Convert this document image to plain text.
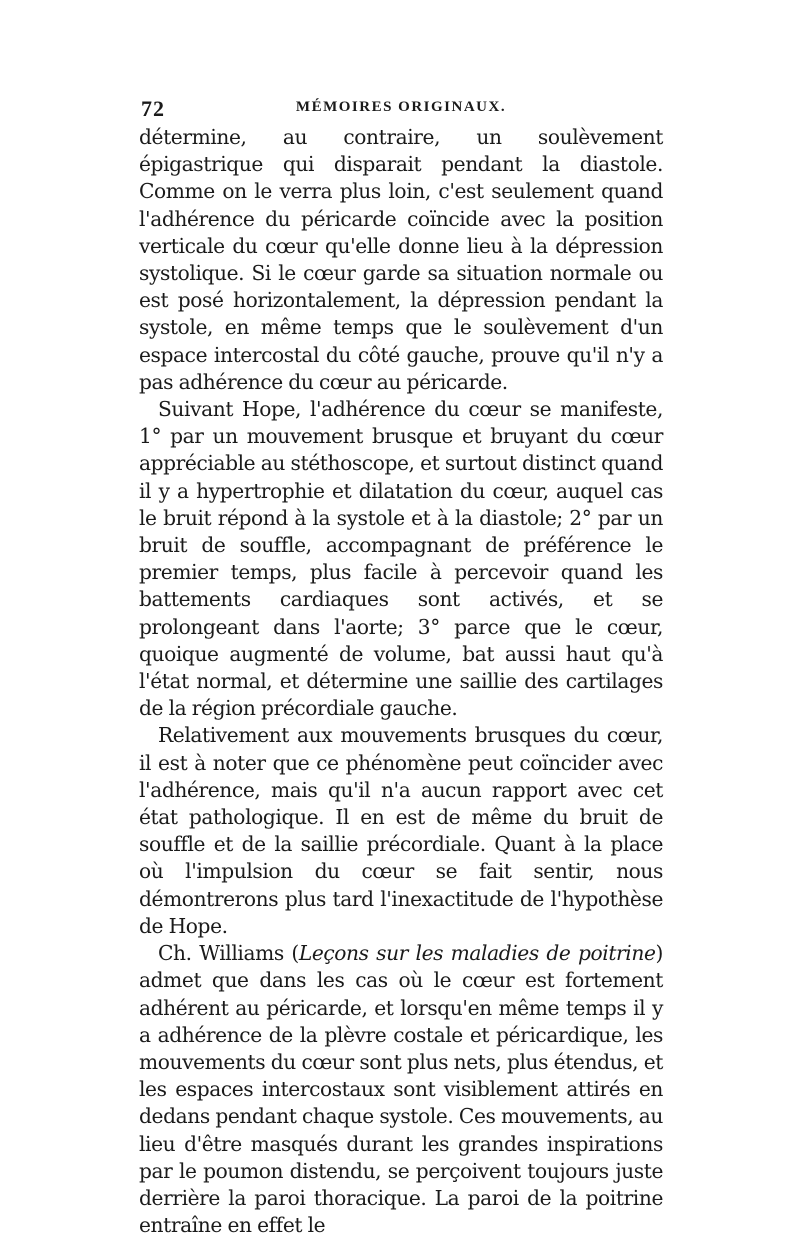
72	MÉMOIRES ORIGINAUX.

détermine, au contraire, un soulèvement épigastrique qui disparait pendant la diastole. Comme on le verra plus loin, c'est seulement quand l'adhérence du péricarde coïncide avec la position verticale du cœur qu'elle donne lieu à la dépression systolique. Si le cœur garde sa situation normale ou est posé horizontalement, la dépression pendant la systole, en même temps que le soulèvement d'un espace intercostal du côté gauche, prouve qu'il n'y a pas adhérence du cœur au péricarde.

Suivant Hope, l'adhérence du cœur se manifeste, 1° par un mouvement brusque et bruyant du cœur appréciable au stéthoscope, et surtout distinct quand il y a hypertrophie et dilatation du cœur, auquel cas le bruit répond à la systole et à la diastole; 2° par un bruit de souffle, accompagnant de préférence le premier temps, plus facile à percevoir quand les battements cardiaques sont activés, et se prolongeant dans l'aorte; 3° parce que le cœur, quoique augmenté de volume, bat aussi haut qu'à l'état normal, et détermine une saillie des cartilages de la région précordiale gauche.

Relativement aux mouvements brusques du cœur, il est à noter que ce phénomène peut coïncider avec l'adhérence, mais qu'il n'a aucun rapport avec cet état pathologique. Il en est de même du bruit de souffle et de la saillie précordiale. Quant à la place où l'impulsion du cœur se fait sentir, nous démontrerons plus tard l'inexactitude de l'hypothèse de Hope.

Ch. Williams (Leçons sur les maladies de poitrine) admet que dans les cas où le cœur est fortement adhérent au péricarde, et lorsqu'en même temps il y a adhérence de la plèvre costale et péricardique, les mouvements du cœur sont plus nets, plus étendus, et les espaces intercostaux sont visiblement attirés en dedans pendant chaque systole. Ces mouvements, au lieu d'être masqués durant les grandes inspirations par le poumon distendu, se perçoivent toujours juste derrière la paroi thoracique. La paroi de la poitrine entraîne en effet le
